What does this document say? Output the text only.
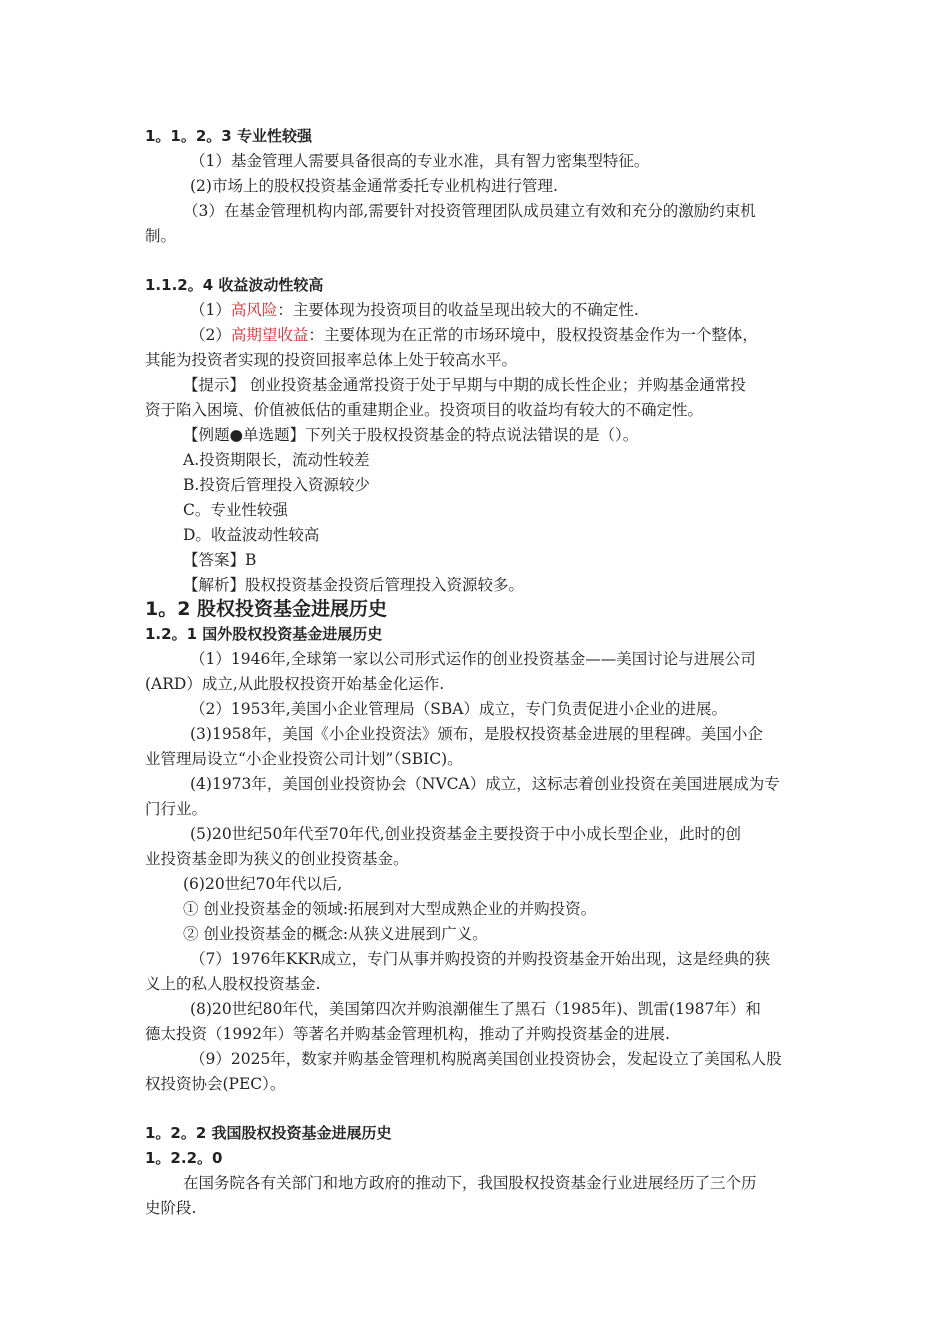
1。1。2。3 专业性较强

（1）基金管理人需要具备很高的专业水准，具有智力密集型特征。

(2)市场上的股权投资基金通常委托专业机构进行管理.

（3）在基金管理机构内部,需要针对投资管理团队成员建立有效和充分的激励约束机

制。

1.1.2。4 收益波动性较高

（1）高风险：主要体现为投资项目的收益呈现出较大的不确定性.

（2）高期望收益：主要体现为在正常的市场环境中，股权投资基金作为一个整体，

其能为投资者实现的投资回报率总体上处于较高水平。

【提示】 创业投资基金通常投资于处于早期与中期的成长性企业；并购基金通常投

资于陷入困境、价值被低估的重建期企业。投资项目的收益均有较大的不确定性。

【例题●单选题】下列关于股权投资基金的特点说法错误的是（）。

A.投资期限长，流动性较差

B.投资后管理投入资源较少

C。专业性较强

D。收益波动性较高

【答案】B

【解析】股权投资基金投资后管理投入资源较多。

1。2 股权投资基金进展历史

1.2。1 国外股权投资基金进展历史

（1）1946年,全球第一家以公司形式运作的创业投资基金——美国讨论与进展公司

(ARD）成立,从此股权投资开始基金化运作.

（2）1953年,美国小企业管理局（SBA）成立，专门负责促进小企业的进展。

(3)1958年，美国《小企业投资法》颁布，是股权投资基金进展的里程碑。美国小企

业管理局设立“小企业投资公司计划”（SBIC)。

(4)1973年，美国创业投资协会（NVCA）成立，这标志着创业投资在美国进展成为专

门行业。

(5)20世纪50年代至70年代,创业投资基金主要投资于中小成长型企业，此时的创

业投资基金即为狭义的创业投资基金。

(6)20世纪70年代以后,

① 创业投资基金的领域:拓展到对大型成熟企业的并购投资。

② 创业投资基金的概念:从狭义进展到广义。

（7）1976年KKR成立，专门从事并购投资的并购投资基金开始出现，这是经典的狭

义上的私人股权投资基金.

(8)20世纪80年代，美国第四次并购浪潮催生了黑石（1985年)、凯雷(1987年）和

德太投资（1992年）等著名并购基金管理机构，推动了并购投资基金的进展.

（9）2025年，数家并购基金管理机构脱离美国创业投资协会，发起设立了美国私人股

权投资协会(PEC）。

1。2。2 我国股权投资基金进展历史

1。2.2。0

在国务院各有关部门和地方政府的推动下，我国股权投资基金行业进展经历了三个历

史阶段.
